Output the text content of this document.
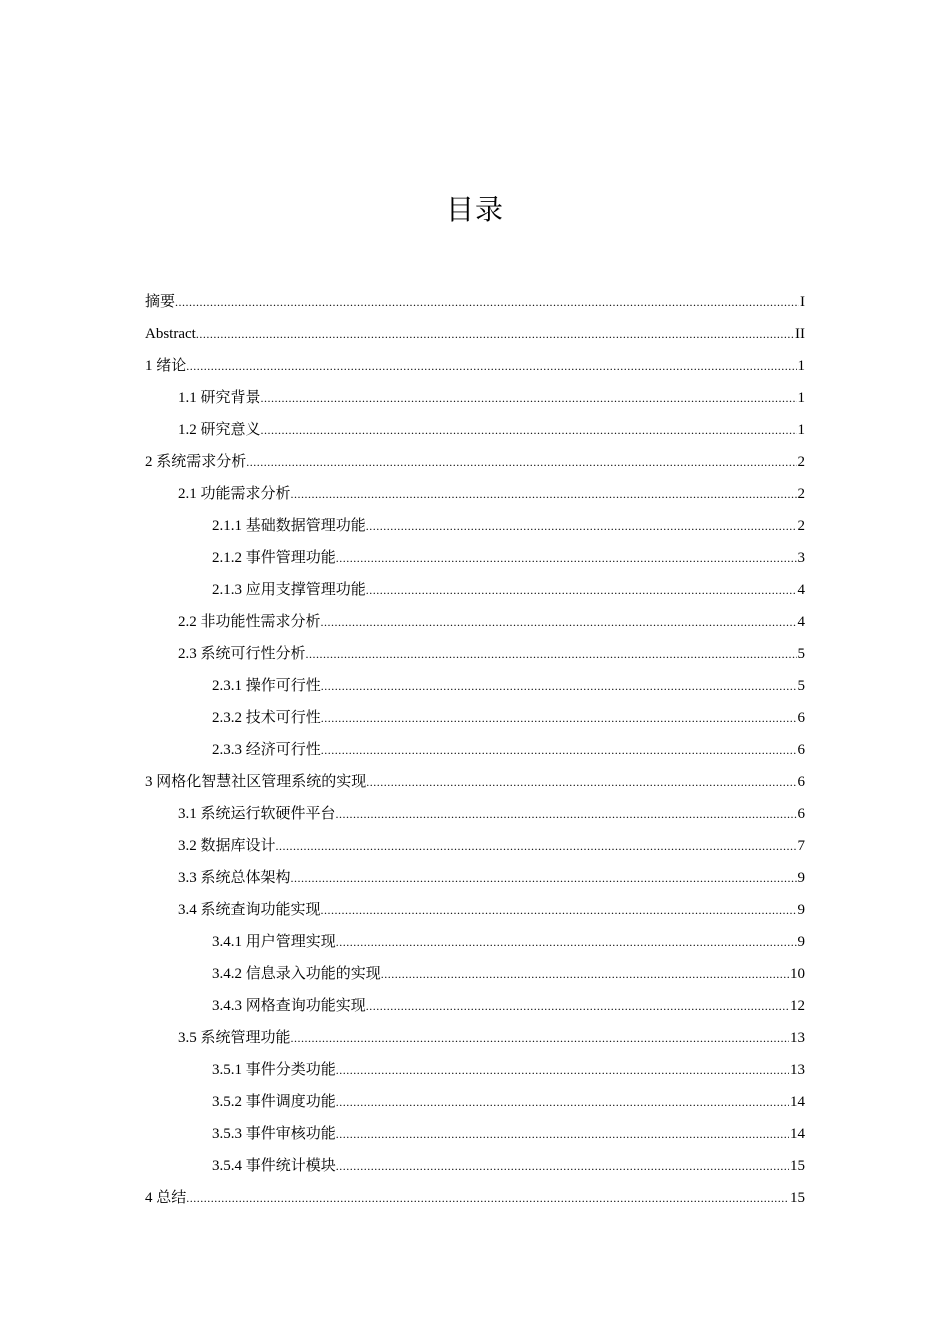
目录
摘要 .....	I
Abstract .....	II
1 绪论 .....	1
1.1 研究背景 .....	1
1.2 研究意义 .....	1
2 系统需求分析 .....	2
2.1 功能需求分析 .....	2
2.1.1 基础数据管理功能 .....	2
2.1.2 事件管理功能 .....	3
2.1.3 应用支撑管理功能 .....	4
2.2 非功能性需求分析 .....	4
2.3 系统可行性分析 .....	5
2.3.1 操作可行性 .....	5
2.3.2 技术可行性 .....	6
2.3.3 经济可行性 .....	6
3 网格化智慧社区管理系统的实现 .....	6
3.1 系统运行软硬件平台 .....	6
3.2 数据库设计 .....	7
3.3 系统总体架构 .....	9
3.4 系统查询功能实现 .....	9
3.4.1 用户管理实现 .....	9
3.4.2 信息录入功能的实现 .....	10
3.4.3 网格查询功能实现 .....	12
3.5 系统管理功能 .....	13
3.5.1 事件分类功能 .....	13
3.5.2 事件调度功能 .....	14
3.5.3 事件审核功能 .....	14
3.5.4 事件统计模块 .....	15
4 总结 .....	15
